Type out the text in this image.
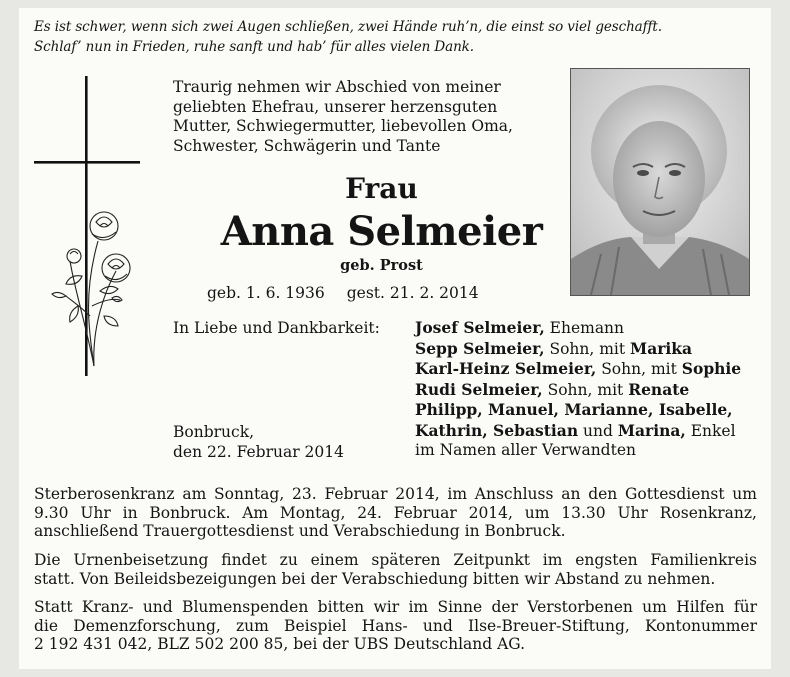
Es ist schwer, wenn sich zwei Augen schließen, zwei Hände ruh’n, die einst so viel geschafft.
Schlaf’ nun in Frieden, ruhe sanft und hab’ für alles vielen Dank.
Traurig nehmen wir Abschied von meiner
geliebten Ehefrau, unserer herzensguten
Mutter, Schwiegermutter, liebevollen Oma,
Schwester, Schwägerin und Tante
Frau
Anna Selmeier
geb. Prost
geb. 1. 6. 1936 gest. 21. 2. 2014
In Liebe und Dankbarkeit:
Bonbruck,
den 22. Februar 2014
Josef Selmeier, Ehemann
Sepp Selmeier, Sohn, mit Marika
Karl-Heinz Selmeier, Sohn, mit Sophie
Rudi Selmeier, Sohn, mit Renate
Philipp, Manuel, Marianne, Isabelle,
Kathrin, Sebastian und Marina, Enkel
im Namen aller Verwandten
Sterberosenkranz am Sonntag, 23. Februar 2014, im Anschluss an den Gottesdienst um
9.30 Uhr in Bonbruck. Am Montag, 24. Februar 2014, um 13.30 Uhr Rosenkranz,
anschließend Trauergottesdienst und Verabschiedung in Bonbruck.
Die Urnenbeisetzung findet zu einem späteren Zeitpunkt im engsten Familienkreis
statt. Von Beileidsbezeigungen bei der Verabschiedung bitten wir Abstand zu nehmen.
Statt Kranz- und Blumenspenden bitten wir im Sinne der Verstorbenen um Hilfen für
die Demenzforschung, zum Beispiel Hans- und Ilse-Breuer-Stiftung, Kontonummer
2 192 431 042, BLZ 502 200 85, bei der UBS Deutschland AG.
